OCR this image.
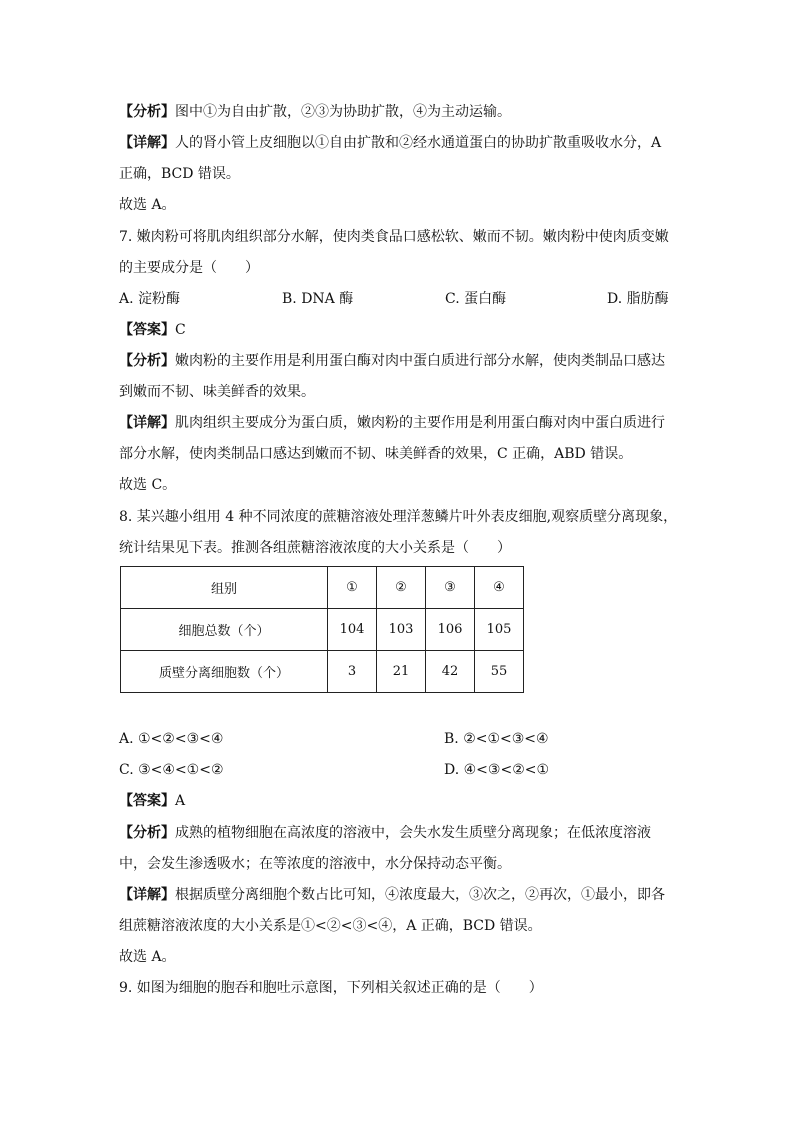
【分析】图中①为自由扩散，②③为协助扩散，④为主动运输。
【详解】人的肾小管上皮细胞以①自由扩散和②经水通道蛋白的协助扩散重吸收水分，A
正确，BCD 错误。
故选 A。
7. 嫩肉粉可将肌肉组织部分水解，使肉类食品口感松软、嫩而不韧。嫩肉粉中使肉质变嫩
的主要成分是（　　）
A. 淀粉酶	B. DNA 酶	C. 蛋白酶	D. 脂肪酶
【答案】C
【分析】嫩肉粉的主要作用是利用蛋白酶对肉中蛋白质进行部分水解，使肉类制品口感达
到嫩而不韧、味美鲜香的效果。
【详解】肌肉组织主要成分为蛋白质，嫩肉粉的主要作用是利用蛋白酶对肉中蛋白质进行
部分水解，使肉类制品口感达到嫩而不韧、味美鲜香的效果，C 正确，ABD 错误。
故选 C。
8. 某兴趣小组用 4 种不同浓度的蔗糖溶液处理洋葱鳞片叶外表皮细胞,观察质壁分离现象，
统计结果见下表。推测各组蔗糖溶液浓度的大小关系是（　　）
组别	①	②	③	④
细胞总数（个）	104	103	106	105
质壁分离细胞数（个）	3	21	42	55
A. ①<②<③<④	B. ②<①<③<④
C. ③<④<①<②	D. ④<③<②<①
【答案】A
【分析】成熟的植物细胞在高浓度的溶液中，会失水发生质壁分离现象；在低浓度溶液
中，会发生渗透吸水；在等浓度的溶液中，水分保持动态平衡。
【详解】根据质壁分离细胞个数占比可知，④浓度最大，③次之，②再次，①最小，即各
组蔗糖溶液浓度的大小关系是①<②<③<④，A 正确，BCD 错误。
故选 A。
9. 如图为细胞的胞吞和胞吐示意图，下列相关叙述正确的是（　　）
